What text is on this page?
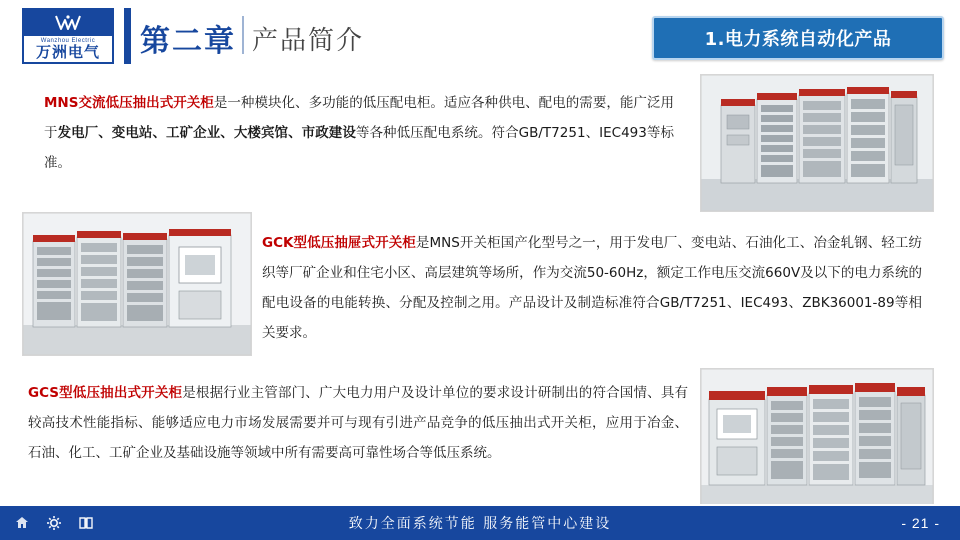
Wanzhou Electric
万洲电气 第二章 产品简介	1.电力系统自动化产品
MNS交流低压抽出式开关柜是一种模块化、多功能的低压配电柜。适应各种供电、配电的需要，能广泛用于发电厂、变电站、工矿企业、大楼宾馆、市政建设等各种低压配电系统。符合GB/T7251、IEC493等标准。
GCK型低压抽屉式开关柜是MNS开关柜国产化型号之一，用于发电厂、变电站、石油化工、冶金轧钢、轻工纺织等厂矿企业和住宅小区、高层建筑等场所，作为交流50-60Hz，额定工作电压交流660V及以下的电力系统的配电设备的电能转换、分配及控制之用。产品设计及制造标准符合GB/T7251、IEC493、ZBK36001-89等相关要求。
GCS型低压抽出式开关柜是根据行业主管部门、广大电力用户及设计单位的要求设计研制出的符合国情、具有较高技术性能指标、能够适应电力市场发展需要并可与现有引进产品竞争的低压抽出式开关柜，应用于冶金、石油、化工、工矿企业及基础设施等领域中所有需要高可靠性场合等低压系统。
致力全面系统节能 服务能管中心建设	- 21 -
